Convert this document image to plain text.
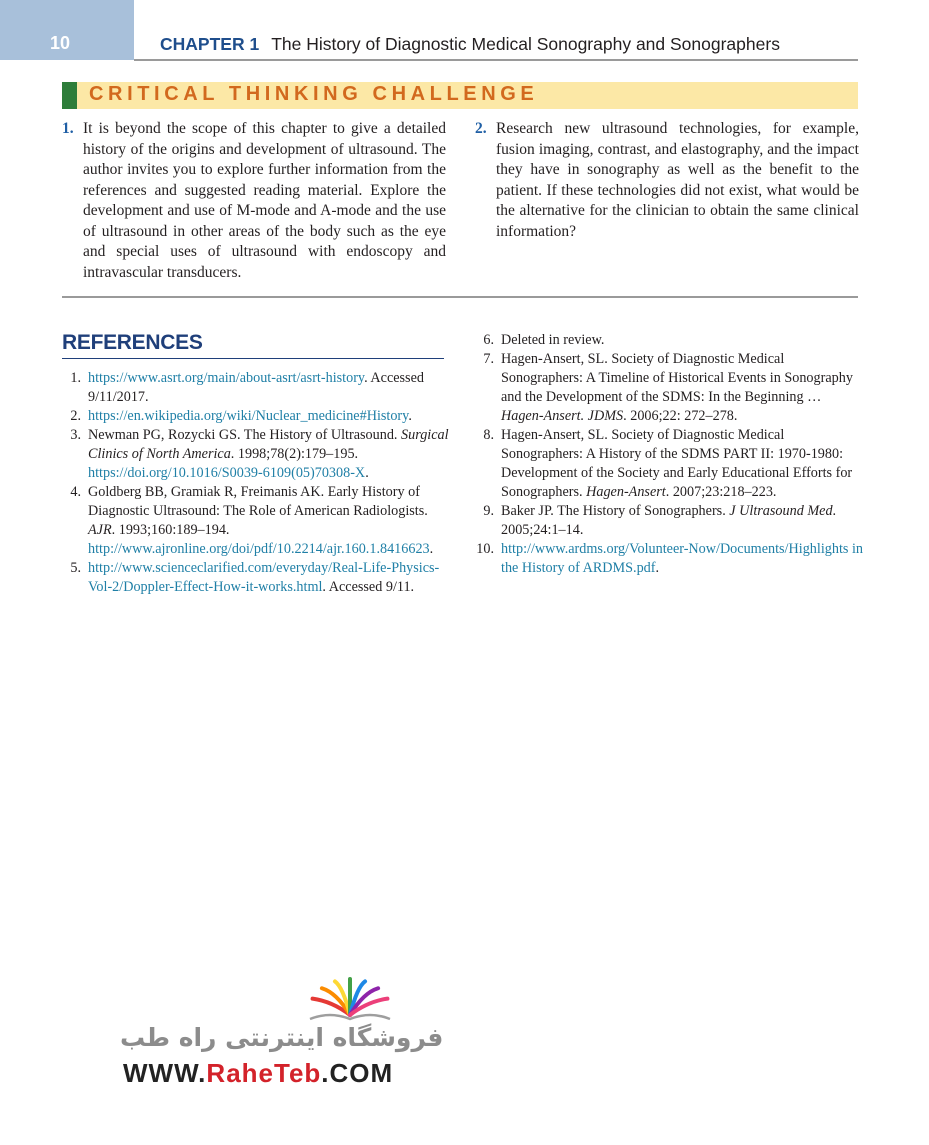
10	CHAPTER 1 The History of Diagnostic Medical Sonography and Sonographers
CRITICAL THINKING CHALLENGE
1. It is beyond the scope of this chapter to give a detailed history of the origins and development of ultrasound. The author invites you to explore further information from the references and suggested reading material. Explore the development and use of M-mode and A-mode and the use of ultrasound in other areas of the body such as the eye and special uses of ultrasound with endoscopy and intravascular transducers.
2. Research new ultrasound technologies, for example, fusion imaging, contrast, and elastography, and the impact they have in sonography as well as the benefit to the patient. If these technologies did not exist, what would be the alternative for the clinician to obtain the same clinical information?
REFERENCES
1. https://www.asrt.org/main/about-asrt/asrt-history. Accessed 9/11/2017.
2. https://en.wikipedia.org/wiki/Nuclear_medicine#History.
3. Newman PG, Rozycki GS. The History of Ultrasound. Surgical Clinics of North America. 1998;78(2):179–195. https://doi.org/10.1016/S0039-6109(05)70308-X.
4. Goldberg BB, Gramiak R, Freimanis AK. Early History of Diagnostic Ultrasound: The Role of American Radiologists. AJR. 1993;160:189–194. http://www.ajronline.org/doi/pdf/10.2214/ajr.160.1.8416623.
5. http://www.scienceclarified.com/everyday/Real-Life-Physics-Vol-2/Doppler-Effect-How-it-works.html. Accessed 9/11.
6. Deleted in review.
7. Hagen-Ansert, SL. Society of Diagnostic Medical Sonographers: A Timeline of Historical Events in Sonography and the Development of the SDMS: In the Beginning … Hagen-Ansert. JDMS. 2006;22: 272–278.
8. Hagen-Ansert, SL. Society of Diagnostic Medical Sonographers: A History of the SDMS PART II: 1970-1980: Development of the Society and Early Educational Efforts for Sonographers. Hagen-Ansert. 2007;23:218–223.
9. Baker JP. The History of Sonographers. J Ultrasound Med. 2005;24:1–14.
10. http://www.ardms.org/Volunteer-Now/Documents/Highlights in the History of ARDMS.pdf.
فروشگاه اینترنتی راه طب
WWW.RaheTeb.COM
